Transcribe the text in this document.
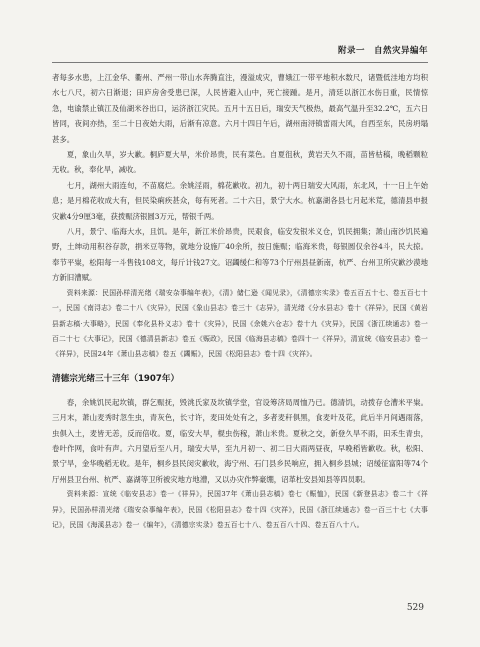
附录一　自然灾异编年

者每多水患，上江金华、衢州、严州一带山水奔腾直注，漫溢成灾，曹娥江一带平地积水数尺，诸暨低洼地方均积水七八尺，初六日渐退；田庐房舍受患已深，人民皆避入山中，死亡接踵。是月，清廷以浙江水伤日重，民情惊急，电谕禁止镇江及仙湖米谷出口，运济浙江灾民。五月十五日后，瑞安天气极热，最高气温升至32.2℃，五六日皆同，夜间亦热，至二十日夜始大雨，后渐有凉意。六月十四日午后，湖州南浔镇雷雨大风，自西至东，民房坍塌甚多。

夏，象山久旱，岁大歉。桐庐夏大旱，米价昂贵，民有菜色。自夏徂秋，黄岩天久不雨，苗皆枯稿，晚稻颗粒无收。秋，奉化旱，减收。

七月，湖州大雨连旬，不苗腐烂。余姚淫雨，棉花歉收。初九，初十两日瑞安大风雨，东北风，十一日上午始息；是月棉花收成大有，但民染痢疾甚众，每有死者。二十六日，景宁大水。杭嘉湖各县七月起米荒，德清县申报灾歉4分9厘3毫，获拨赈济银圆3万元，帮银千两。

八月，景宁、临海大水，且饥。是年，新江米价昂贵，民艰食，临安发银米义仓，饥民拥集；萧山南沙饥民遍野，土绅动用积谷存款，捐米豆等物，就地分设施厂40余所，按日施赈；临海米贵，每银圆仅余谷4斗，民大掠。奉节平粜，松阳每一斗售钱108文，每斤计钱27文。诏蠲缓仁和等73个厅州县昼新南，杭严、台州卫所灾歉沙漠地方新旧漕赋。

资料来源：民国孙样清光绪《瑞安杂事编年表》，《清》储仁逊《闻见录》，《清德宗实录》卷五百五十七、卷五百七十一，民国《南浔志》卷二十八《灾异》，民国《象山县志》卷三十《志异》，清光绪《分水县志》卷十《祥异》，民国《黄岩县新志稿·大事略》，民国《奉化县朴义志》卷十《灾异》，民国《余姚六仓志》卷十九《灾异》，民国《浙江续通志》卷一百二十七《大事记》，民国《德清县新志》卷五《赈政》，民国《临海县志稿》卷四十一《祥异》，清宣统《临安县志》卷一《祥异》，民国24年《萧山县志稿》卷五《蠲赈》，民国《松阳县志》卷十四《灾祥》。

清德宗光绪三十三年（1907年）

春，余姚饥民起坎镇，群乞赈抚，毁洮氏家及坎镇学堂，官设筹济局周恤乃已。德清饥，动拨存仓漕米平粜。三月末，萧山麦秀时忽生虫，青灰色，长寸许，麦田处处有之，多者麦秆俱黑，食麦叶及花，此后半月间遇雨落，虫俱入土，麦皆无恙，反而倍收。夏，临安大旱，棍虫伤稼，萧山米贵。夏秋之交，新登久旱不雨，田禾生青虫，卷叶作网，食叶有声。六月望后至八月，瑞安大旱，至九月初一、初二日大雨两昼夜，早晚稻皆歉收。秋，松阳、景宁旱，金华晚稻无收。是年，桐乡县民闵灾歉收，海宁州、石门县乡民响应，拥入桐乡县城；诏缓征富阳等74个厅州县卫台州、杭严、嘉湖等卫所被灾地方地漕，又以办灾作弊豪绷，诏革杜安县知县等四员职。

资料来源：宣统《临安县志》卷一《祥异》，民国37年《萧山县志稿》卷七《赈恤》，民国《新登县志》卷二十《祥异》，民国孙样清光绪《瑞安杂事编年表》，民国《松阳县志》卷十四《灾祥》，民国《浙江续通志》卷一百三十七《大事记》，民国《海溪县志》卷一《编年》，《清德宗实录》卷五百七十八、卷五百八十四、卷五百八十八。

529
